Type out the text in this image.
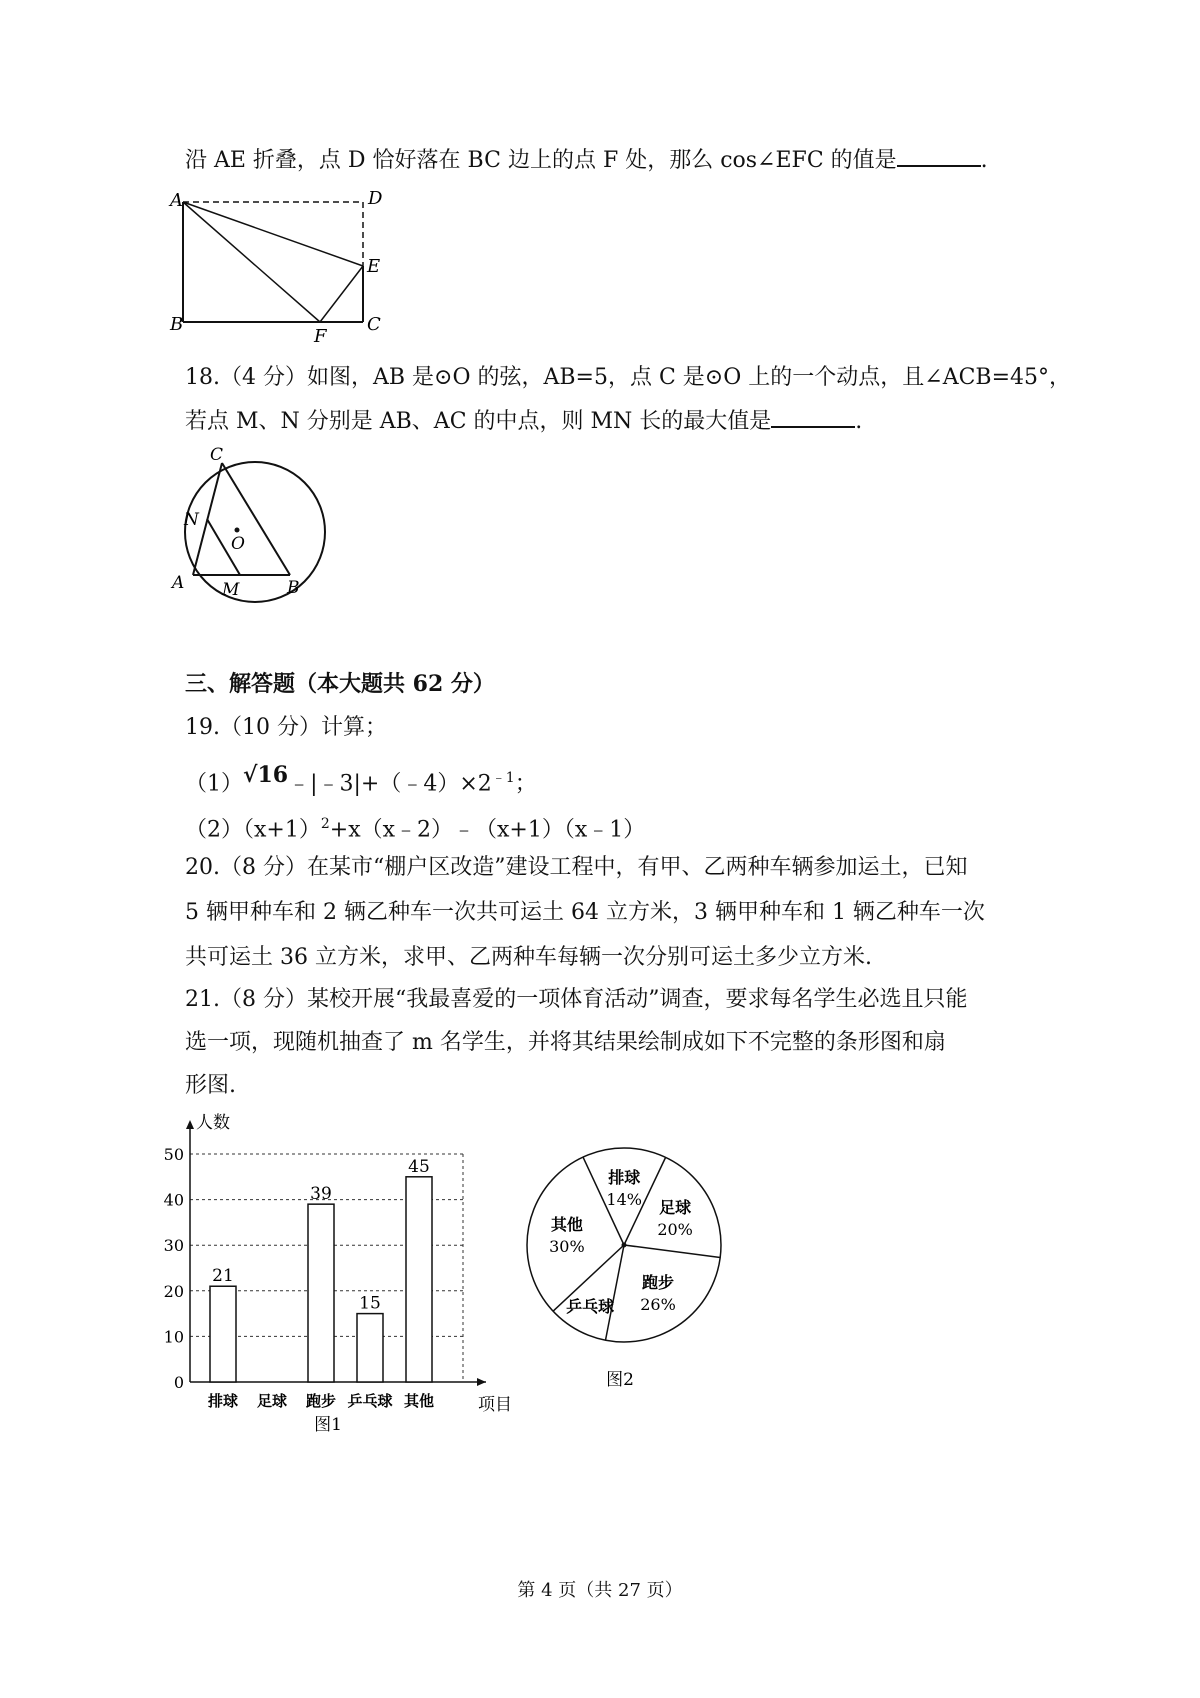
沿 AE 折叠，点 D 恰好落在 BC 边上的点 F 处，那么 cos∠EFC 的值是	.
A	D
E
B
F
C
18.（4 分）如图，AB 是⊙O 的弦，AB=5，点 C 是⊙O 上的一个动点，且∠ACB=45°，
若点 M、N 分别是 AB、AC 的中点，则 MN 长的最大值是	.
C
N
O
A M	B
三、解答题（本大题共 62 分）
19.（10 分）计算；
$(1)√16﹣|﹣3|+(﹣4)\times 2^{﹣1}$；
$(2)(x+1)^2+x(x﹣2)﹣(x+1)(x﹣1)$
20.（8 分）在某市“棚户区改造”建设工程中，有甲、乙两种车辆参加运土，已知
5 辆甲种车和 2 辆乙种车一次共可运土 64 立方米，3 辆甲种车和 1 辆乙种车一次
共可运土 36 立方米，求甲、乙两种车每辆一次分别可运土多少立方米.
21.（8 分）某校开展“我最喜爱的一项体育活动”调查，要求每名学生必选且只能
选一项，现随机抽查了 m 名学生，并将其结果绘制成如下不完整的条形图和扇
形图.
0
10
20
30
40
50
人数
项目
21
排球 足球
39
跑步
15
乒乓球
45
其他
图1
排球
14% 足球
20%
跑步
26%
乒乓球
其他
30%
图2
第 4 页（共 27 页）
